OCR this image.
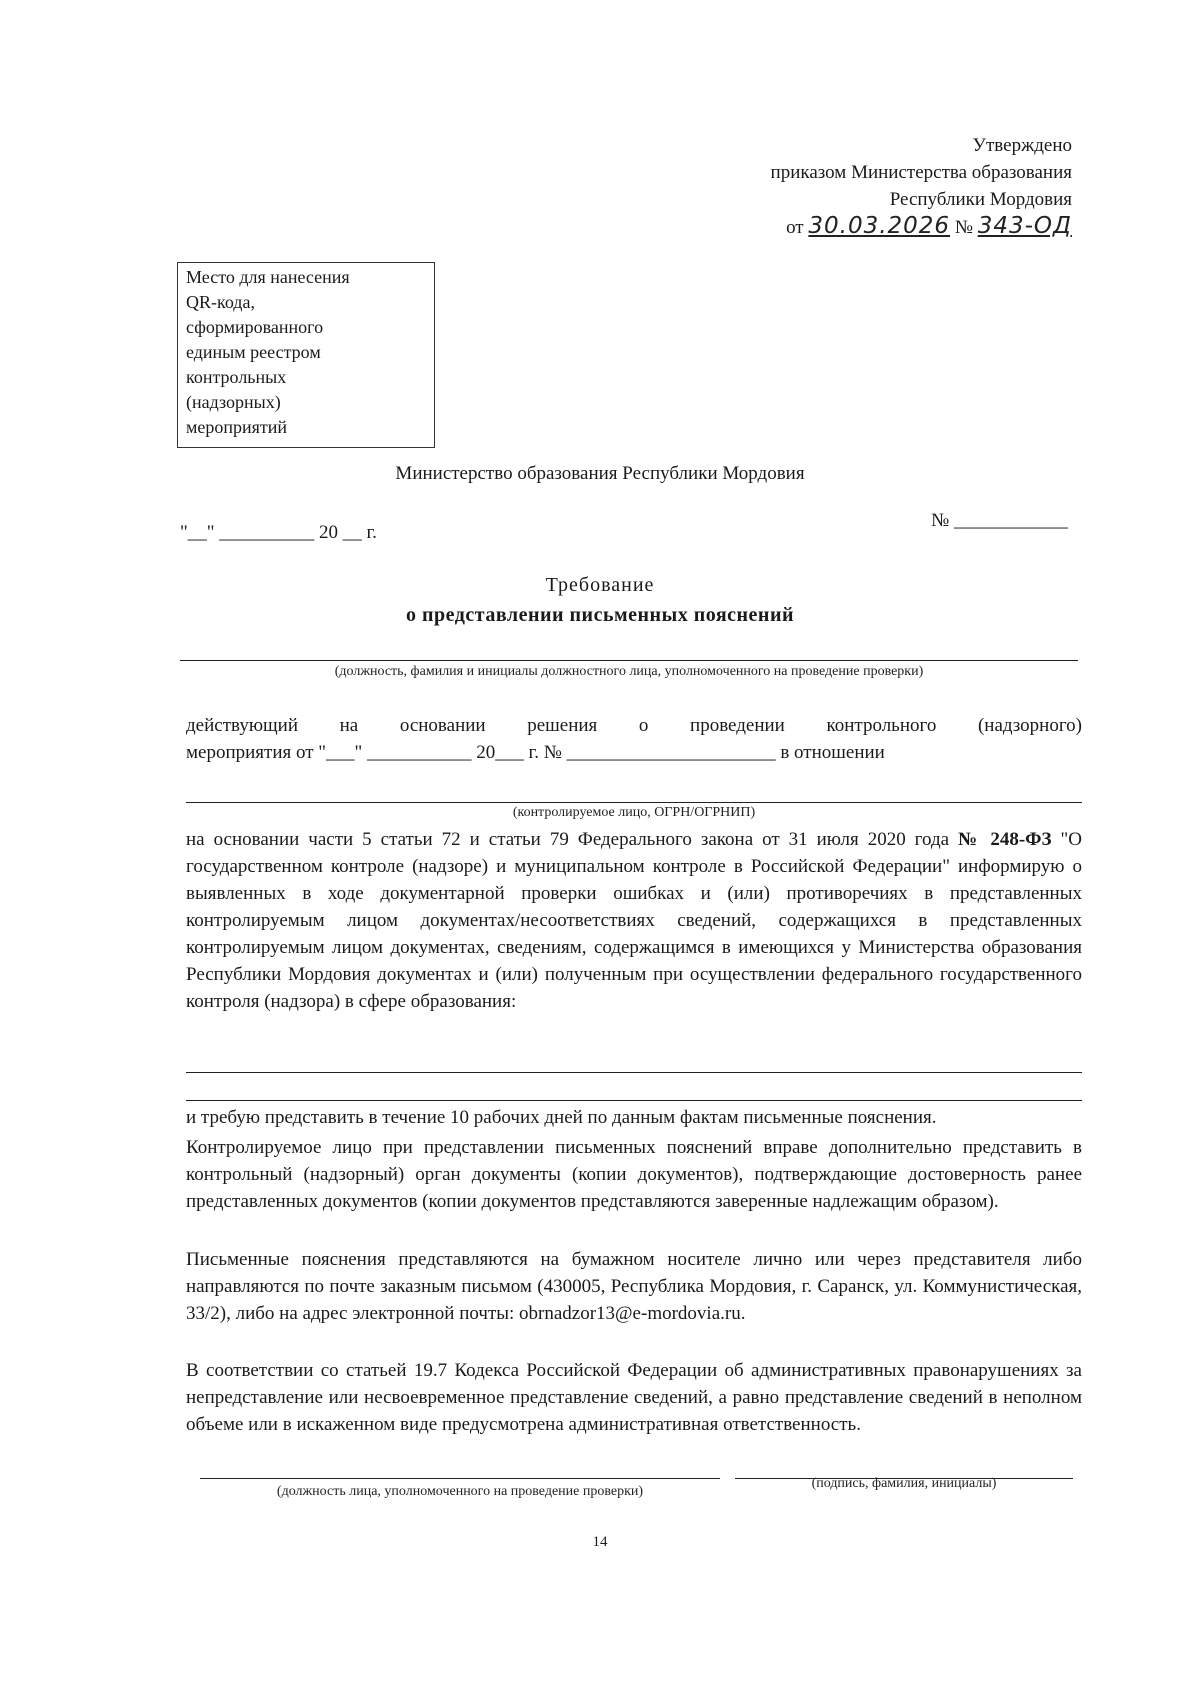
Утверждено
приказом Министерства образования
Республики Мордовия
от 30.03.2026 № 343-ОД
Место для нанесения
QR-кода,
сформированного
единым реестром
контрольных
(надзорных)
мероприятий
Министерство образования Республики Мордовия
"__" __________ 20 __ г.
№ ____________
Требование
о представлении письменных пояснений
(должность, фамилия и инициалы должностного лица, уполномоченного на проведение проверки)
действующий на основании решения о проведении контрольного (надзорного)
мероприятия от "___" ___________ 20___ г. № ______________________ в отношении
(контролируемое лицо, ОГРН/ОГРНИП)
на основании части 5 статьи 72 и статьи 79 Федерального закона от 31 июля 2020 года № 248-ФЗ "О государственном контроле (надзоре) и муниципальном контроле в Российской Федерации" информирую о выявленных в ходе документарной проверки ошибках и (или) противоречиях в представленных контролируемым лицом документах/несоответствиях сведений, содержащихся в представленных контролируемым лицом документах, сведениям, содержащимся в имеющихся у Министерства образования Республики Мордовия документах и (или) полученным при осуществлении федерального государственного контроля (надзора) в сфере образования:
и требую представить в течение 10 рабочих дней по данным фактам письменные пояснения.
Контролируемое лицо при представлении письменных пояснений вправе дополнительно представить в контрольный (надзорный) орган документы (копии документов), подтверждающие достоверность ранее представленных документов (копии документов представляются заверенные надлежащим образом).
Письменные пояснения представляются на бумажном носителе лично или через представителя либо направляются по почте заказным письмом (430005, Республика Мордовия, г. Саранск, ул. Коммунистическая, 33/2), либо на адрес электронной почты: obrnadzor13@e-mordovia.ru.
В соответствии со статьей 19.7 Кодекса Российской Федерации об административных правонарушениях за непредставление или несвоевременное представление сведений, а равно представление сведений в неполном объеме или в искаженном виде предусмотрена административная ответственность.
(должность лица, уполномоченного на проведение проверки)
(подпись, фамилия, инициалы)
14
